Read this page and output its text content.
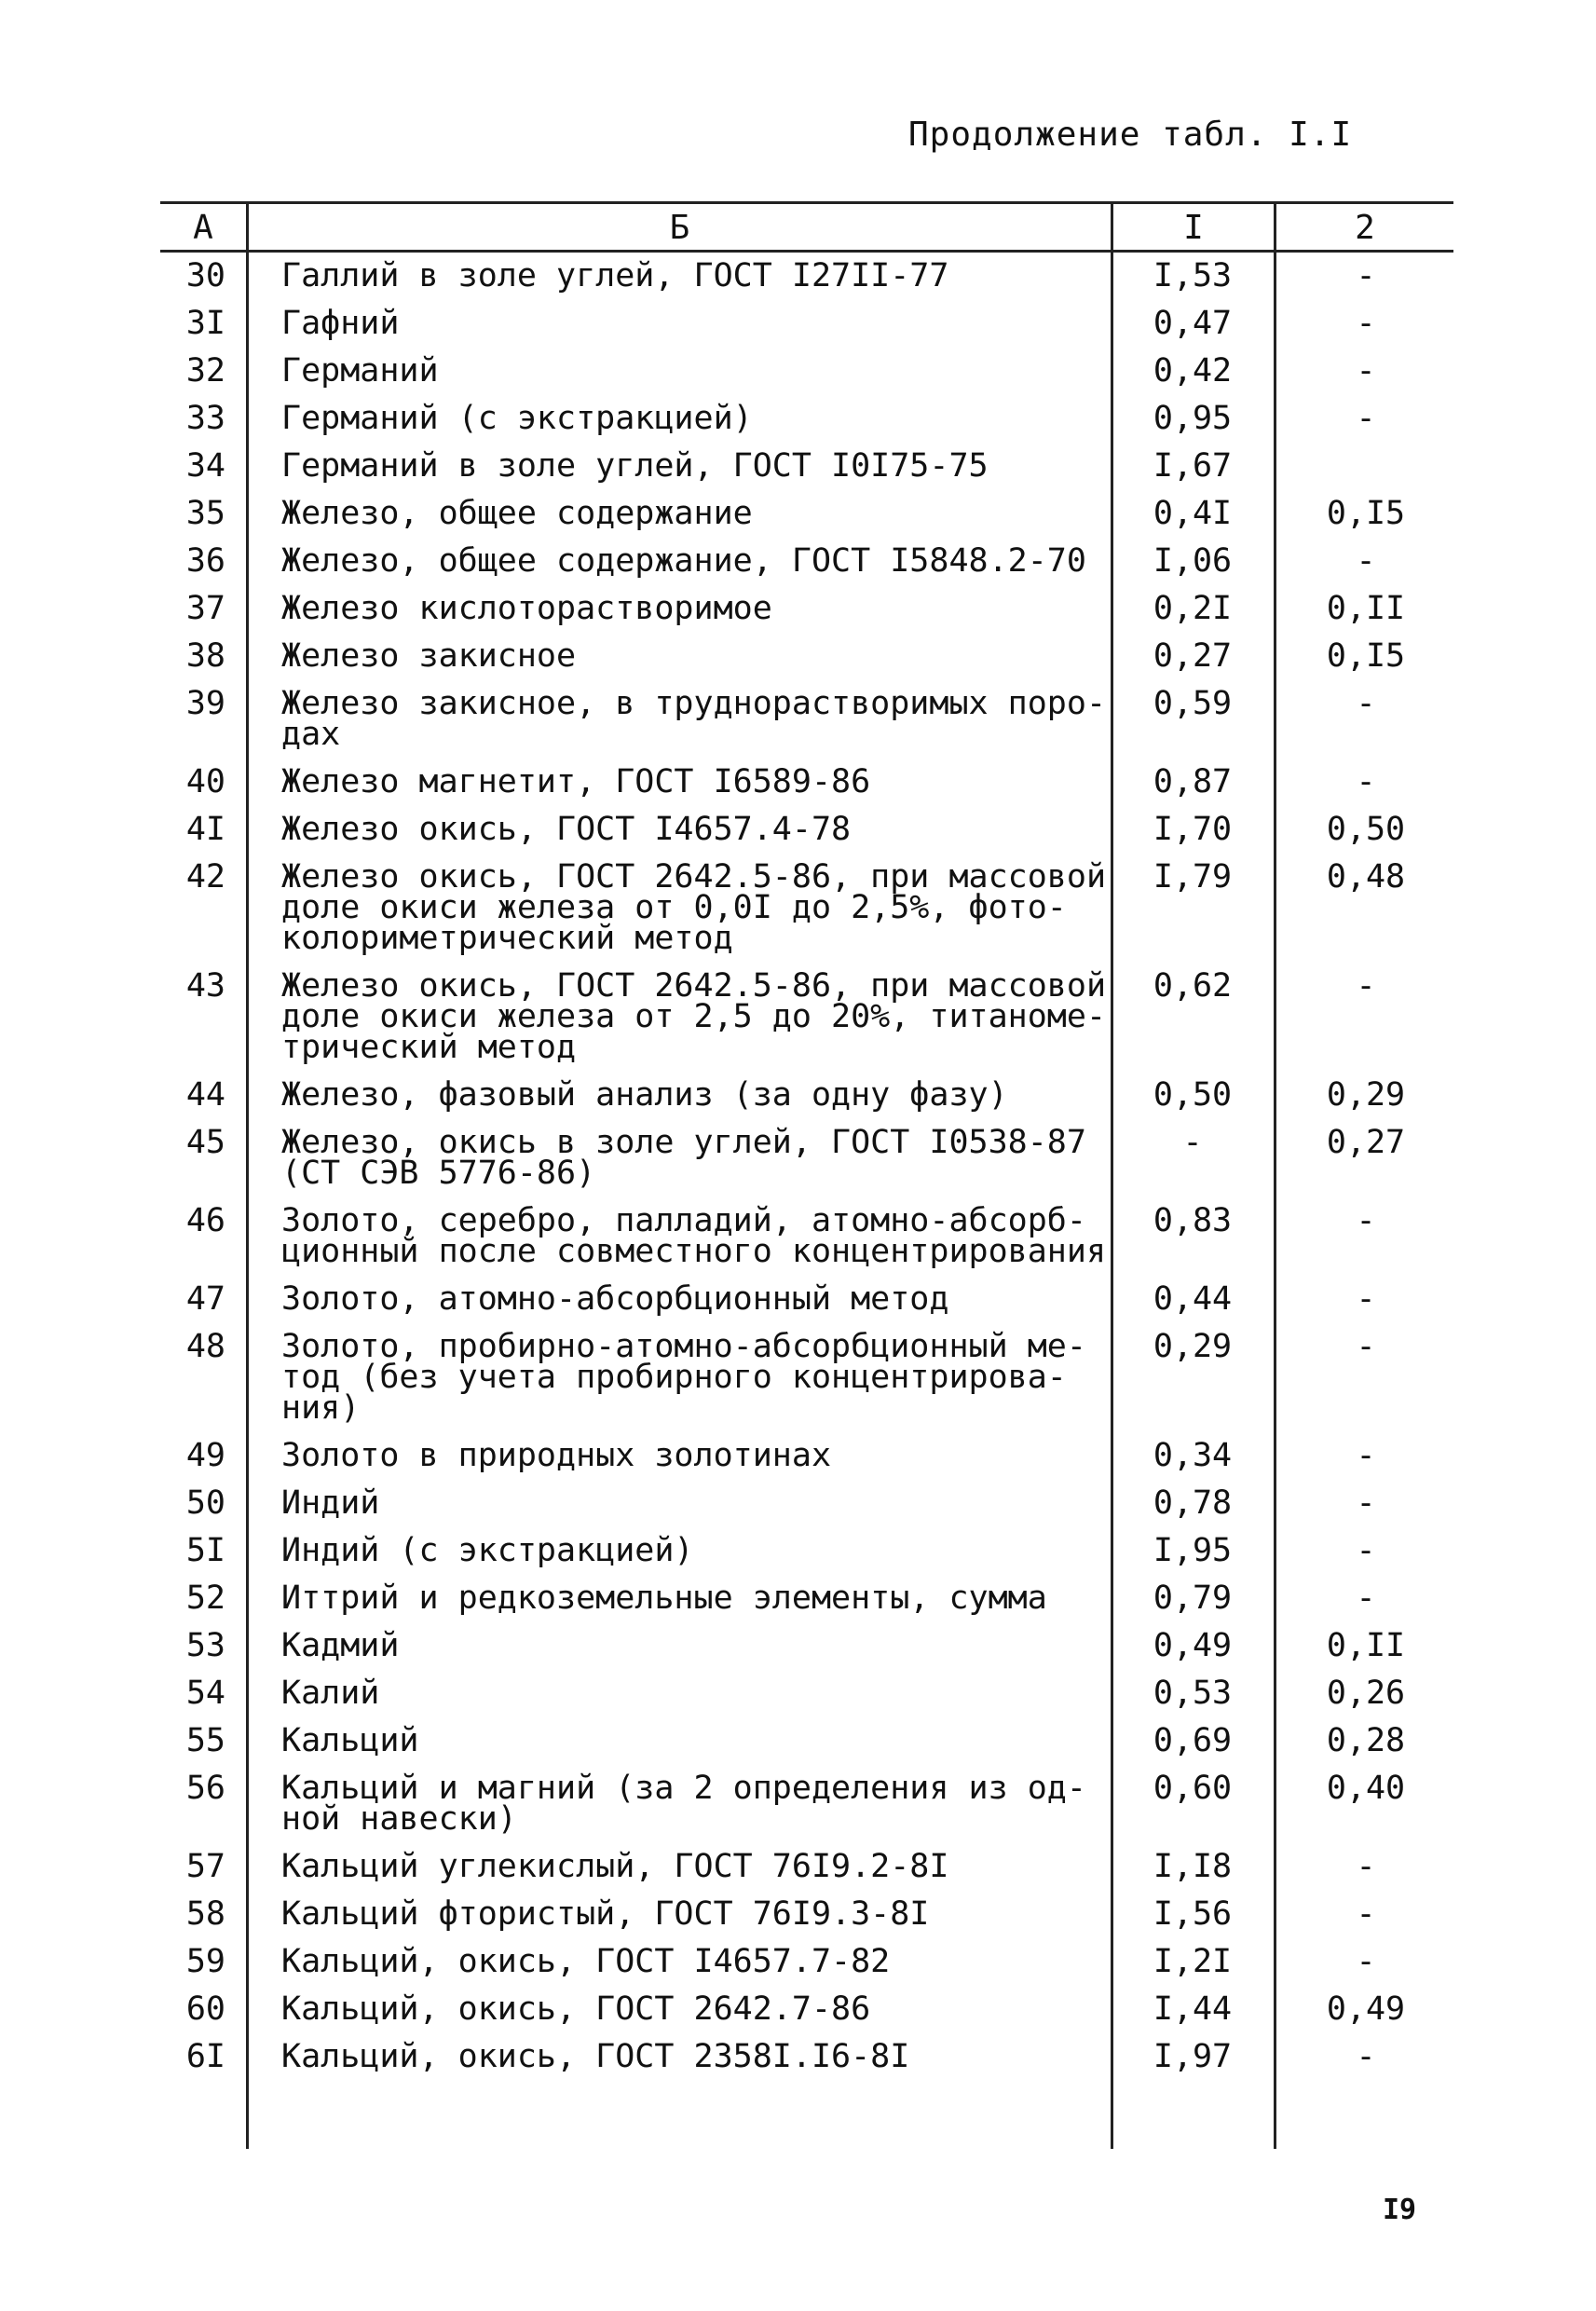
Продолжение табл. I.I
А	Б	I	2
30 Галлий в золе углей, ГОСТ I27II-77	I,53	-
3I Гафний	0,47	-
32 Германий	0,42	-
33 Германий (с экстракцией)	0,95	-
34 Германий в золе углей, ГОСТ I0I75-75	I,67
35 Железо, общее содержание	0,4I	0,I5
36 Железо, общее содержание, ГОСТ I5848.2-70	I,06	-
37 Железо кислоторастворимое	0,2I	0,II
38 Железо закисное	0,27	0,I5
39 Железо закисное, в труднорастворимых поро-
дах
0,59	-
40 Железо магнетит, ГОСТ I6589-86	0,87	-
4I Железо окись, ГОСТ I4657.4-78	I,70	0,50
42 Железо окись, ГОСТ 2642.5-86, при массовой
доле окиси железа от 0,0I до 2,5%, фото-
колориметрический метод
I,79	0,48
43 Железо окись, ГОСТ 2642.5-86, при массовой
доле окиси железа от 2,5 до 20%, титаноме-
трический метод
0,62	-
44 Железо, фазовый анализ (за одну фазу)	0,50	0,29
45 Железо, окись в золе углей, ГОСТ I0538-87
(СТ СЭВ 5776-86)
-	0,27
46 Золото, серебро, палладий, атомно-абсорб-
ционный после совместного концентрирования
0,83	-
47 Золото, атомно-абсорбционный метод	0,44	-
48 Золото, пробирно-атомно-абсорбционный ме-
тод (без учета пробирного концентрирова-
ния)
0,29	-
49 Золото в природных золотинах	0,34	-
50 Индий	0,78	-
5I Индий (с экстракцией)	I,95	-
52 Иттрий и редкоземельные элементы, сумма	0,79	-
53 Кадмий	0,49	0,II
54 Калий	0,53	0,26
55 Кальций	0,69	0,28
56 Кальций и магний (за 2 определения из од-
ной навески)
0,60	0,40
57 Кальций углекислый, ГОСТ 76I9.2-8I	I,I8	-
58 Кальций фтористый, ГОСТ 76I9.3-8I	I,56	-
59 Кальций, окись, ГОСТ I4657.7-82	I,2I	-
60 Кальций, окись, ГОСТ 2642.7-86	I,44	0,49
6I Кальций, окись, ГОСТ 2358I.I6-8I	I,97	-
I9
